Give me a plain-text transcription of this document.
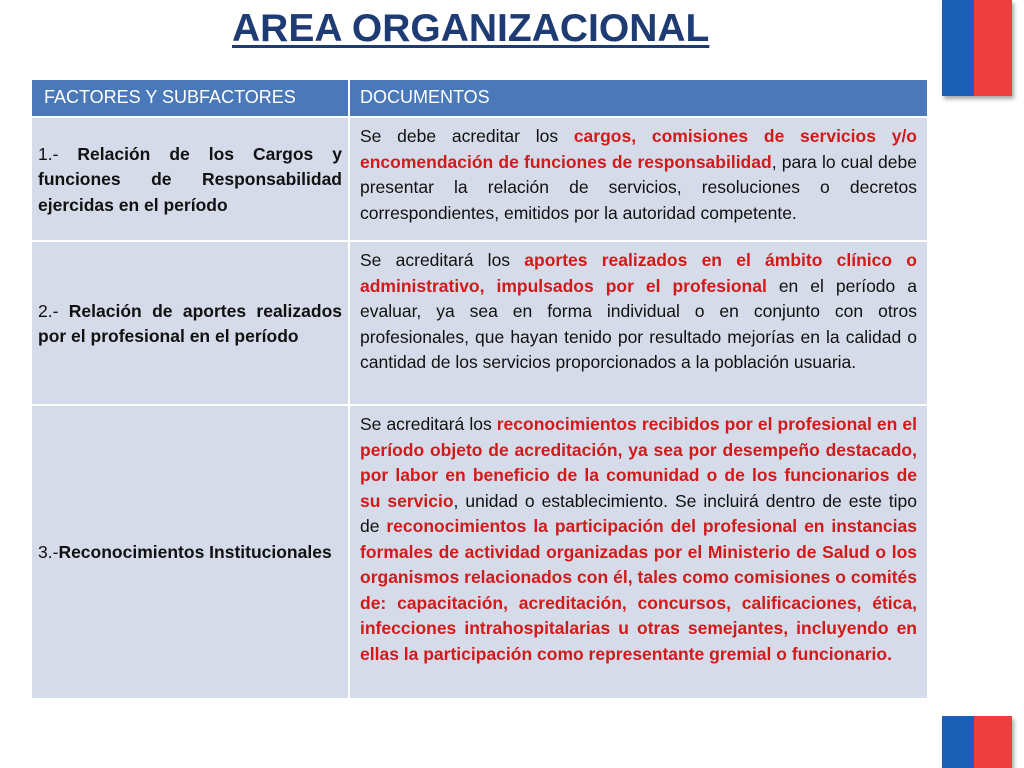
AREA ORGANIZACIONAL
FACTORES Y SUBFACTORES	DOCUMENTOS
1.- Relación de los Cargos y funciones de Responsabilidad ejercidas en el período	Se debe acreditar los cargos, comisiones de servicios y/o encomendación de funciones de responsabilidad, para lo cual debe presentar la relación de servicios, resoluciones o decretos correspondientes, emitidos por la autoridad competente.
2.- Relación de aportes realizados por el profesional en el período	Se acreditará los aportes realizados en el ámbito clínico o administrativo, impulsados por el profesional en el período a evaluar, ya sea en forma individual o en conjunto con otros profesionales, que hayan tenido por resultado mejorías en la calidad o cantidad de los servicios proporcionados a la población usuaria.
3.-Reconocimientos Institucionales	Se acreditará los reconocimientos recibidos por el profesional en el período objeto de acreditación, ya sea por desempeño destacado, por labor en beneficio de la comunidad o de los funcionarios de su servicio, unidad o establecimiento. Se incluirá dentro de este tipo de reconocimientos la participación del profesional en instancias formales de actividad organizadas por el Ministerio de Salud o los organismos relacionados con él, tales como comisiones o comités de: capacitación, acreditación, concursos, calificaciones, ética, infecciones intrahospitalarias u otras semejantes, incluyendo en ellas la participación como representante gremial o funcionario.
